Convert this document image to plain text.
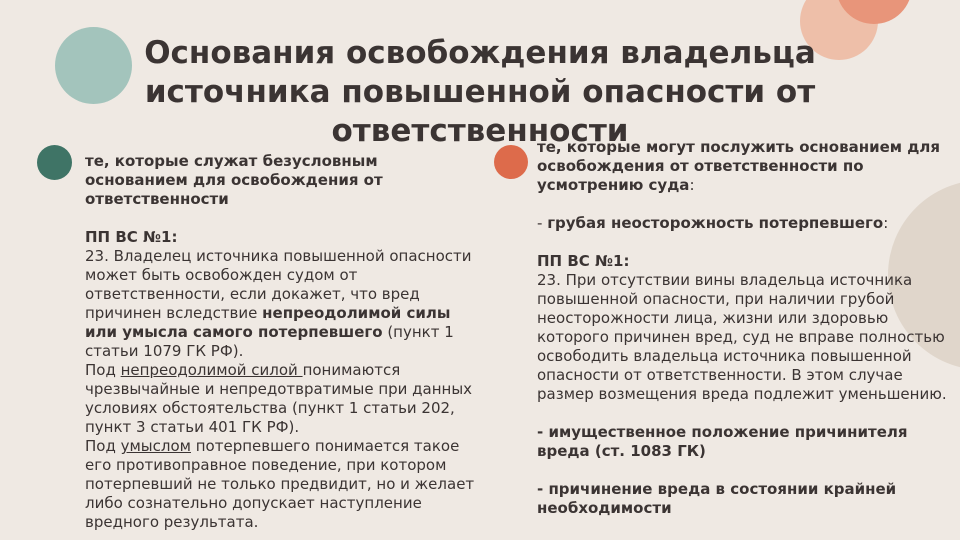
Основания освобождения владельца источника повышенной опасности от ответственности

те, которые служат безусловным основанием для освобождения от ответственности

ПП ВС №1:

23. Владелец источника повышенной опасности может быть освобожден судом от ответственности, если докажет, что вред причинен вследствие непреодолимой силы или умысла самого потерпевшего (пункт 1 статьи 1079 ГК РФ).

Под непреодолимой силой понимаются чрезвычайные и непредотвратимые при данных условиях обстоятельства (пункт 1 статьи 202, пункт 3 статьи 401 ГК РФ).

Под умыслом потерпевшего понимается такое его противоправное поведение, при котором потерпевший не только предвидит, но и желает либо сознательно допускает наступление вредного результата.

те, которые могут послужить основанием для освобождения от ответственности по усмотрению суда:

- грубая неосторожность потерпевшего:

ПП ВС №1:

23. При отсутствии вины владельца источника повышенной опасности, при наличии грубой неосторожности лица, жизни или здоровью которого причинен вред, суд не вправе полностью освободить владельца источника повышенной опасности от ответственности. В этом случае размер возмещения вреда подлежит уменьшению.

- имущественное положение причинителя вреда (ст. 1083 ГК)

- причинение вреда в состоянии крайней необходимости
